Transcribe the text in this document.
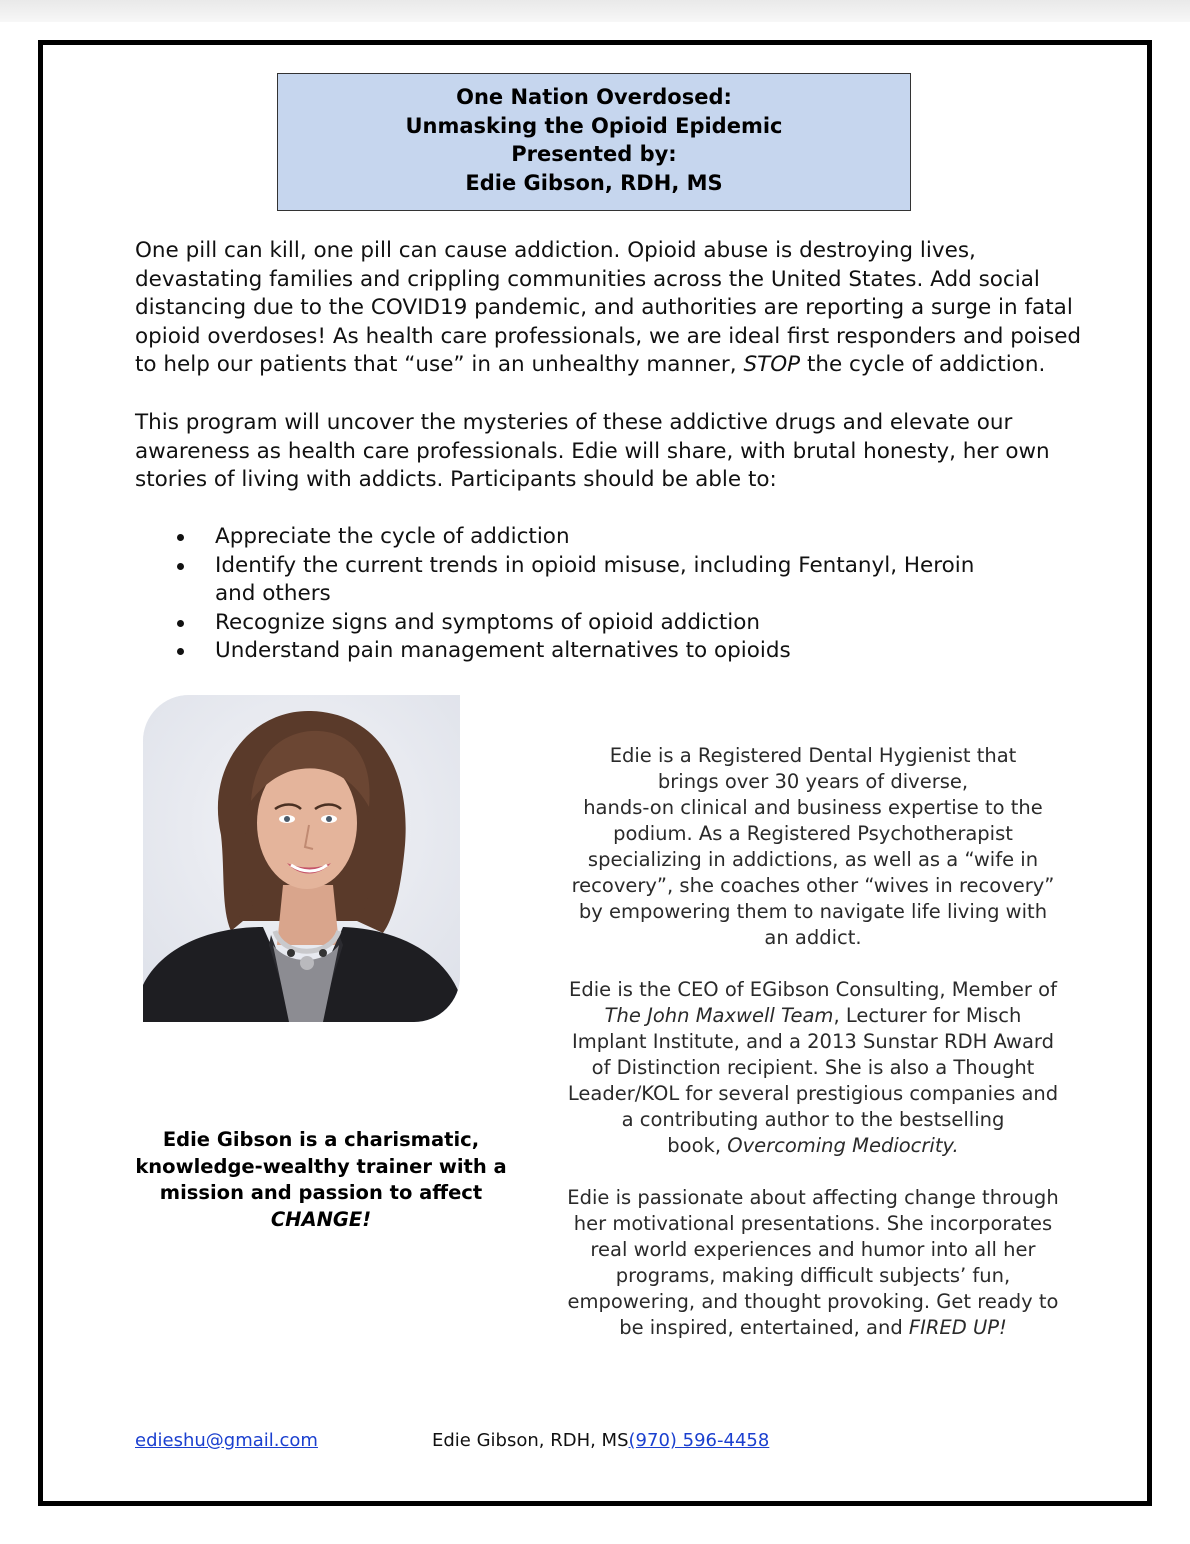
One Nation Overdosed:
Unmasking the Opioid Epidemic
Presented by:
Edie Gibson, RDH, MS

One pill can kill, one pill can cause addiction. Opioid abuse is destroying lives,
devastating families and crippling communities across the United States. Add social
distancing due to the COVID19 pandemic, and authorities are reporting a surge in fatal
opioid overdoses! As health care professionals, we are ideal first responders and poised
to help our patients that “use” in an unhealthy manner, STOP the cycle of addiction.

This program will uncover the mysteries of these addictive drugs and elevate our
awareness as health care professionals. Edie will share, with brutal honesty, her own
stories of living with addicts. Participants should be able to:

Appreciate the cycle of addiction
Identify the current trends in opioid misuse, including Fentanyl, Heroin
and others
Recognize signs and symptoms of opioid addiction
Understand pain management alternatives to opioids
Edie Gibson is a charismatic,
knowledge-wealthy trainer with a
mission and passion to affect
CHANGE!
Edie is a Registered Dental Hygienist that
brings over 30 years of diverse,
hands-on clinical and business expertise to the
podium. As a Registered Psychotherapist
specializing in addictions, as well as a “wife in
recovery”, she coaches other “wives in recovery”
by empowering them to navigate life living with
an addict.
Edie is the CEO of EGibson Consulting, Member of
The John Maxwell Team, Lecturer for Misch
Implant Institute, and a 2013 Sunstar RDH Award
of Distinction recipient. She is also a Thought
Leader/KOL for several prestigious companies and
a contributing author to the bestselling
book, Overcoming Mediocrity.
Edie is passionate about affecting change through
her motivational presentations. She incorporates
real world experiences and humor into all her
programs, making difficult subjects’ fun,
empowering, and thought provoking. Get ready to
be inspired, entertained, and FIRED UP!
edieshu@gmail.com	Edie Gibson, RDH, MS(970) 596-4458
